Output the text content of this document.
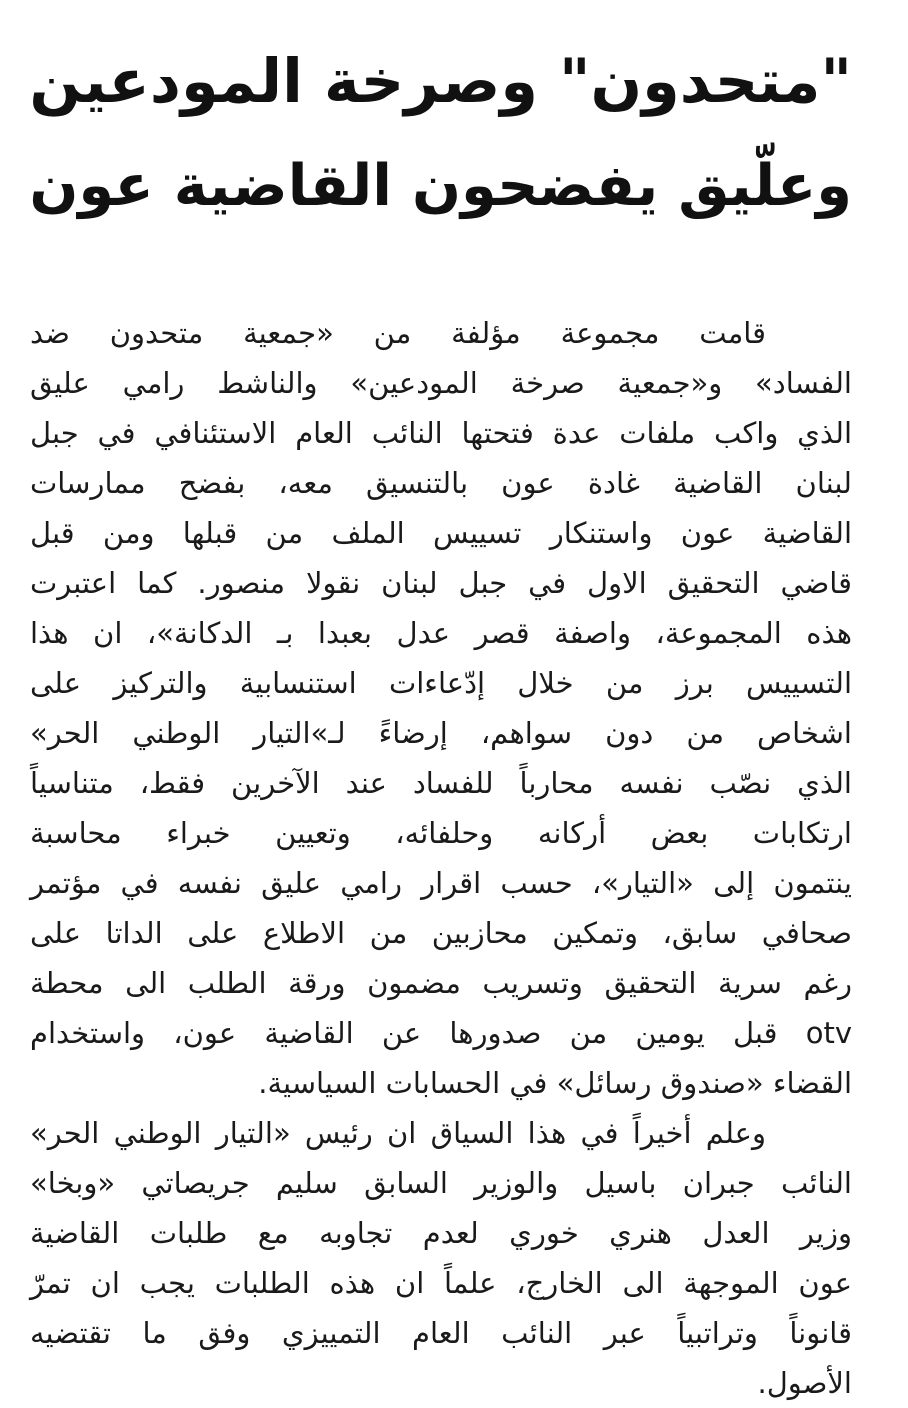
"متحدون" وصرخة المودعين
وعلّيق يفضحون القاضية عون
قامت مجموعة مؤلفة من «جمعية متحدون ضد
الفساد» و«جمعية صرخة المودعين» والناشط رامي عليق
الذي واكب ملفات عدة فتحتها النائب العام الاستئنافي في جبل
لبنان القاضية غادة عون بالتنسيق معه، بفضح ممارسات
القاضية عون واستنكار تسييس الملف من قبلها ومن قبل
قاضي التحقيق الاول في جبل لبنان نقولا منصور. كما اعتبرت
هذه المجموعة، واصفة قصر عدل بعبدا بـ الدكانة»، ان هذا
التسييس برز من خلال إدّعاءات استنسابية والتركيز على
اشخاص من دون سواهم، إرضاءً لـ»التيار الوطني الحر»
الذي نصّب نفسه محارباً للفساد عند الآخرين فقط، متناسياً
ارتكابات بعض أركانه وحلفائه، وتعيين خبراء محاسبة
ينتمون إلى «التيار»، حسب اقرار رامي عليق نفسه في مؤتمر
صحافي سابق، وتمكين محازبين من الاطلاع على الداتا على
رغم سرية التحقيق وتسريب مضمون ورقة الطلب الى محطة
otv قبل يومين من صدورها عن القاضية عون، واستخدام
القضاء «صندوق رسائل» في الحسابات السياسية.
وعلم أخيراً في هذا السياق ان رئيس «التيار الوطني الحر»
النائب جبران باسيل والوزير السابق سليم جريصاتي «وبخا»
وزير العدل هنري خوري لعدم تجاوبه مع طلبات القاضية
عون الموجهة الى الخارج، علماً ان هذه الطلبات يجب ان تمرّ
قانوناً وتراتبياً عبر النائب العام التمييزي وفق ما تقتضيه
الأصول.
